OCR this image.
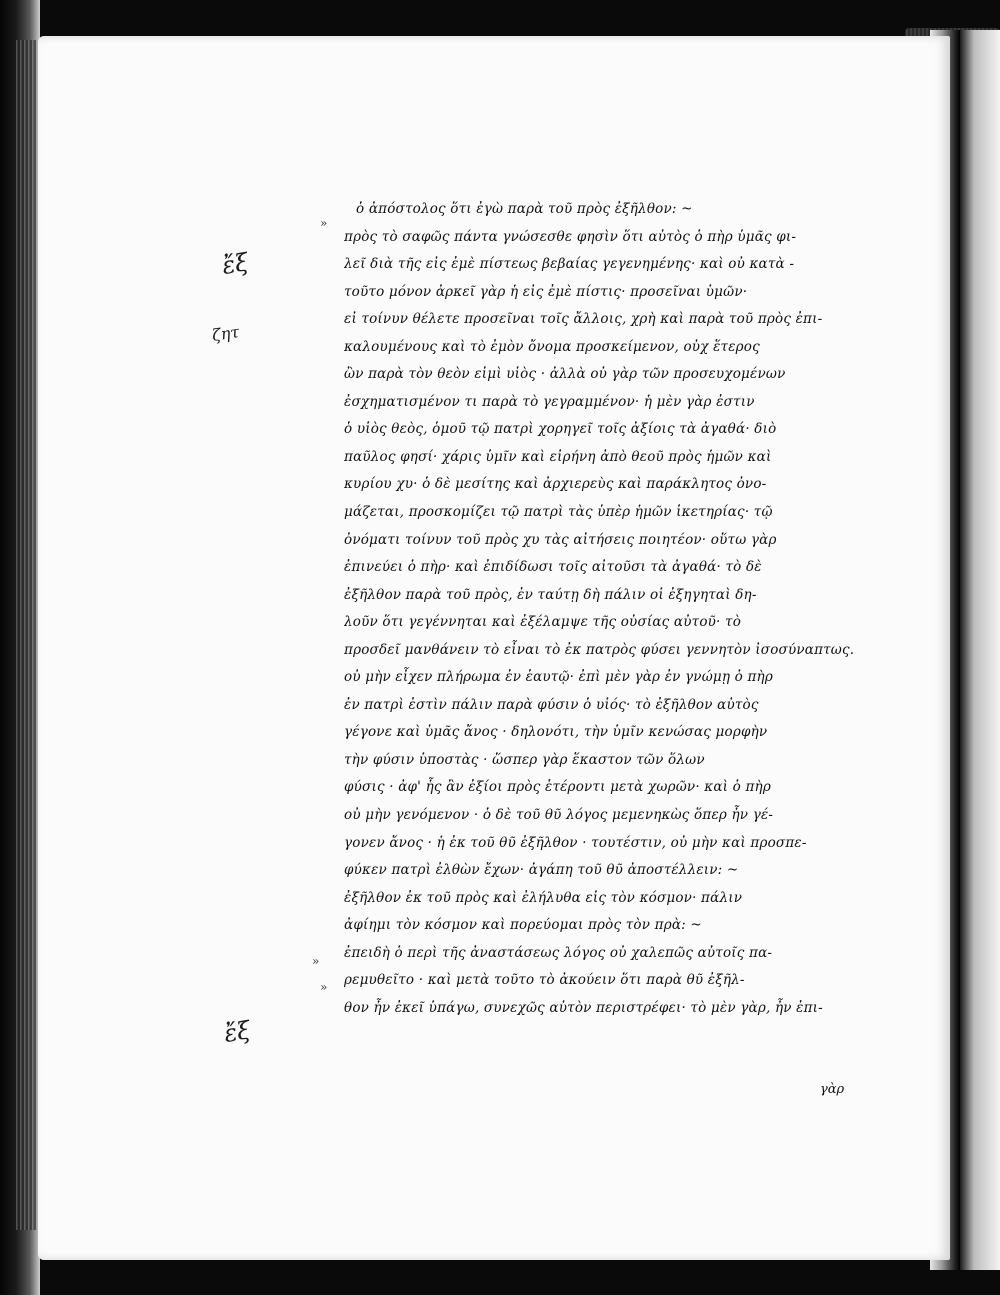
ἔξ
ζητ
ἔξ
»
»
»
ὁ ἀπόστολος ὅτι ἐγὼ παρὰ τοῦ πρὸς ἐξῆλθον: ~
πρὸς τὸ σαφῶς πάντα γνώσεσθε φησὶν ὅτι αὐτὸς ὁ πὴρ ὑμᾶς φι-
λεῖ διὰ τῆς εἰς ἐμὲ πίστεως βεβαίας γεγενημένης· καὶ οὐ κατὰ -
τοῦτο μόνον ἀρκεῖ γὰρ ἡ εἰς ἐμὲ πίστις· προσεῖναι ὑμῶν·
εἰ τοίνυν θέλετε προσεῖναι τοῖς ἄλλοις, χρὴ καὶ παρὰ τοῦ πρὸς ἐπι-
καλουμένους καὶ τὸ ἐμὸν ὄνομα προσκείμενον, οὐχ ἕτερος
ὢν παρὰ τὸν θεὸν εἰμὶ υἱὸς · ἀλλὰ οὐ γὰρ τῶν προσευχομένων
ἐσχηματισμένον τι παρὰ τὸ γεγραμμένον· ἡ μὲν γὰρ ἐστιν
ὁ υἱὸς θεὸς, ὁμοῦ τῷ πατρὶ χορηγεῖ τοῖς ἀξίοις τὰ ἀγαθά· διὸ
παῦλος φησί· χάρις ὑμῖν καὶ εἰρήνη ἀπὸ θεοῦ πρὸς ἡμῶν καὶ
κυρίου χυ· ὁ δὲ μεσίτης καὶ ἀρχιερεὺς καὶ παράκλητος ὀνο-
μάζεται, προσκομίζει τῷ πατρὶ τὰς ὑπὲρ ἡμῶν ἱκετηρίας· τῷ
ὀνόματι τοίνυν τοῦ πρὸς χυ τὰς αἰτήσεις ποιητέον· οὕτω γὰρ
ἐπινεύει ὁ πὴρ· καὶ ἐπιδίδωσι τοῖς αἰτοῦσι τὰ ἀγαθά· τὸ δὲ
ἐξῆλθον παρὰ τοῦ πρὸς, ἐν ταύτῃ δὴ πάλιν οἱ ἐξηγηταὶ δη-
λοῦν ὅτι γεγέννηται καὶ ἐξέλαμψε τῆς οὐσίας αὐτοῦ· τὸ
προσδεῖ μανθάνειν τὸ εἶναι τὸ ἐκ πατρὸς φύσει γεννητὸν ἰσοσύναπτως.
οὐ μὴν εἶχεν πλήρωμα ἐν ἑαυτῷ· ἐπὶ μὲν γὰρ ἐν γνώμῃ ὁ πὴρ
ἐν πατρὶ ἐστὶν πάλιν παρὰ φύσιν ὁ υἱός· τὸ ἐξῆλθον αὐτὸς
γέγονε καὶ ὑμᾶς ἄνος · δηλονότι, τὴν ὑμῖν κενώσας μορφὴν
τὴν φύσιν ὑποστὰς · ὥσπερ γὰρ ἕκαστον τῶν ὅλων
φύσις · ἀφ' ἧς ἂν ἐξίοι πρὸς ἑτέροντι μετὰ χωρῶν· καὶ ὁ πὴρ
οὐ μὴν γενόμενον · ὁ δὲ τοῦ θῦ λόγος μεμενηκὼς ὅπερ ἦν γέ-
γονεν ἄνος · ἡ ἐκ τοῦ θῦ ἐξῆλθον · τουτέστιν, οὐ μὴν καὶ προσπε-
φύκεν πατρὶ ἐλθὼν ἔχων· ἀγάπη τοῦ θῦ ἀποστέλλειν: ~
ἐξῆλθον ἐκ τοῦ πρὸς καὶ ἐλήλυθα εἰς τὸν κόσμον· πάλιν
ἀφίημι τὸν κόσμον καὶ πορεύομαι πρὸς τὸν πρὰ: ~
ἐπειδὴ ὁ περὶ τῆς ἀναστάσεως λόγος οὐ χαλεπῶς αὐτοῖς πα-
ρεμυθεῖτο · καὶ μετὰ τοῦτο τὸ ἀκούειν ὅτι παρὰ θῦ ἐξῆλ-
θον ἦν ἐκεῖ ὑπάγω, συνεχῶς αὐτὸν περιστρέφει· τὸ μὲν γὰρ, ἦν ἐπι-
γὰρ
